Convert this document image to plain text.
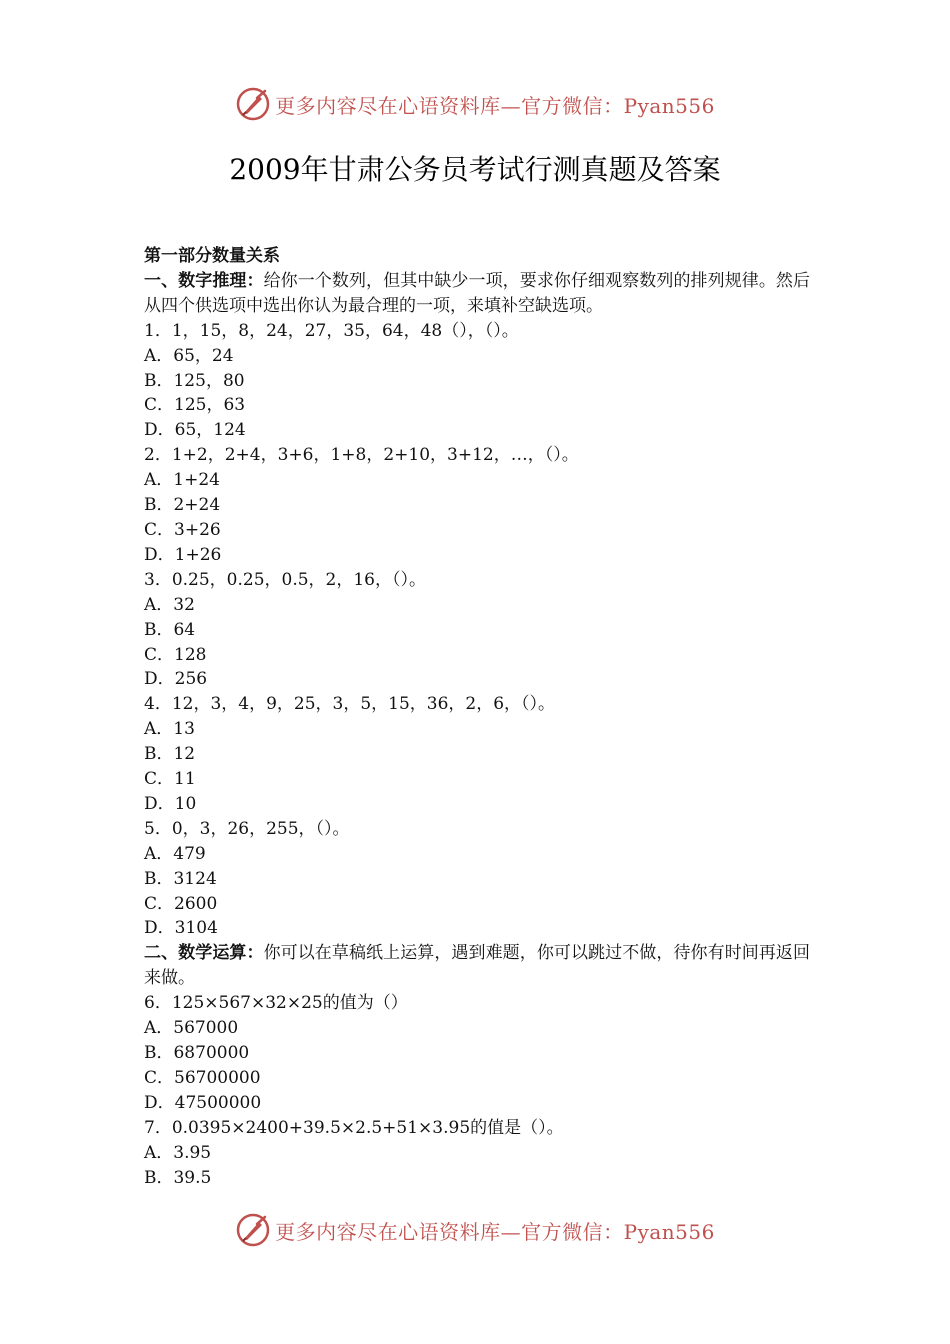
更多内容尽在心语资料库—官方微信：Pyan556
2009年甘肃公务员考试行测真题及答案
第一部分数量关系
一、数字推理：给你一个数列，但其中缺少一项，要求你仔细观察数列的排列规律。然后从四个供选项中选出你认为最合理的一项，来填补空缺选项。
1．1，15，8，24，27，35，64，48（），（）。
A．65，24
B．125，80
C．125，63
D．65，124
2．1+2，2+4，3+6，1+8，2+10，3+12，…，（）。
A．1+24
B．2+24
C．3+26
D．1+26
3．0.25，0.25，0.5，2，16，（）。
A．32
B．64
C．128
D．256
4．12，3，4，9，25，3，5，15，36，2，6，（）。
A．13
B．12
C．11
D．10
5．0，3，26，255，（）。
A．479
B．3124
C．2600
D．3104
二、数学运算：你可以在草稿纸上运算，遇到难题，你可以跳过不做，待你有时间再返回来做。
6．125×567×32×25的值为（）
A．567000
B．6870000
C．56700000
D．47500000
7．0.0395×2400+39.5×2.5+51×3.95的值是（）。
A．3.95
B．39.5
更多内容尽在心语资料库—官方微信：Pyan556
